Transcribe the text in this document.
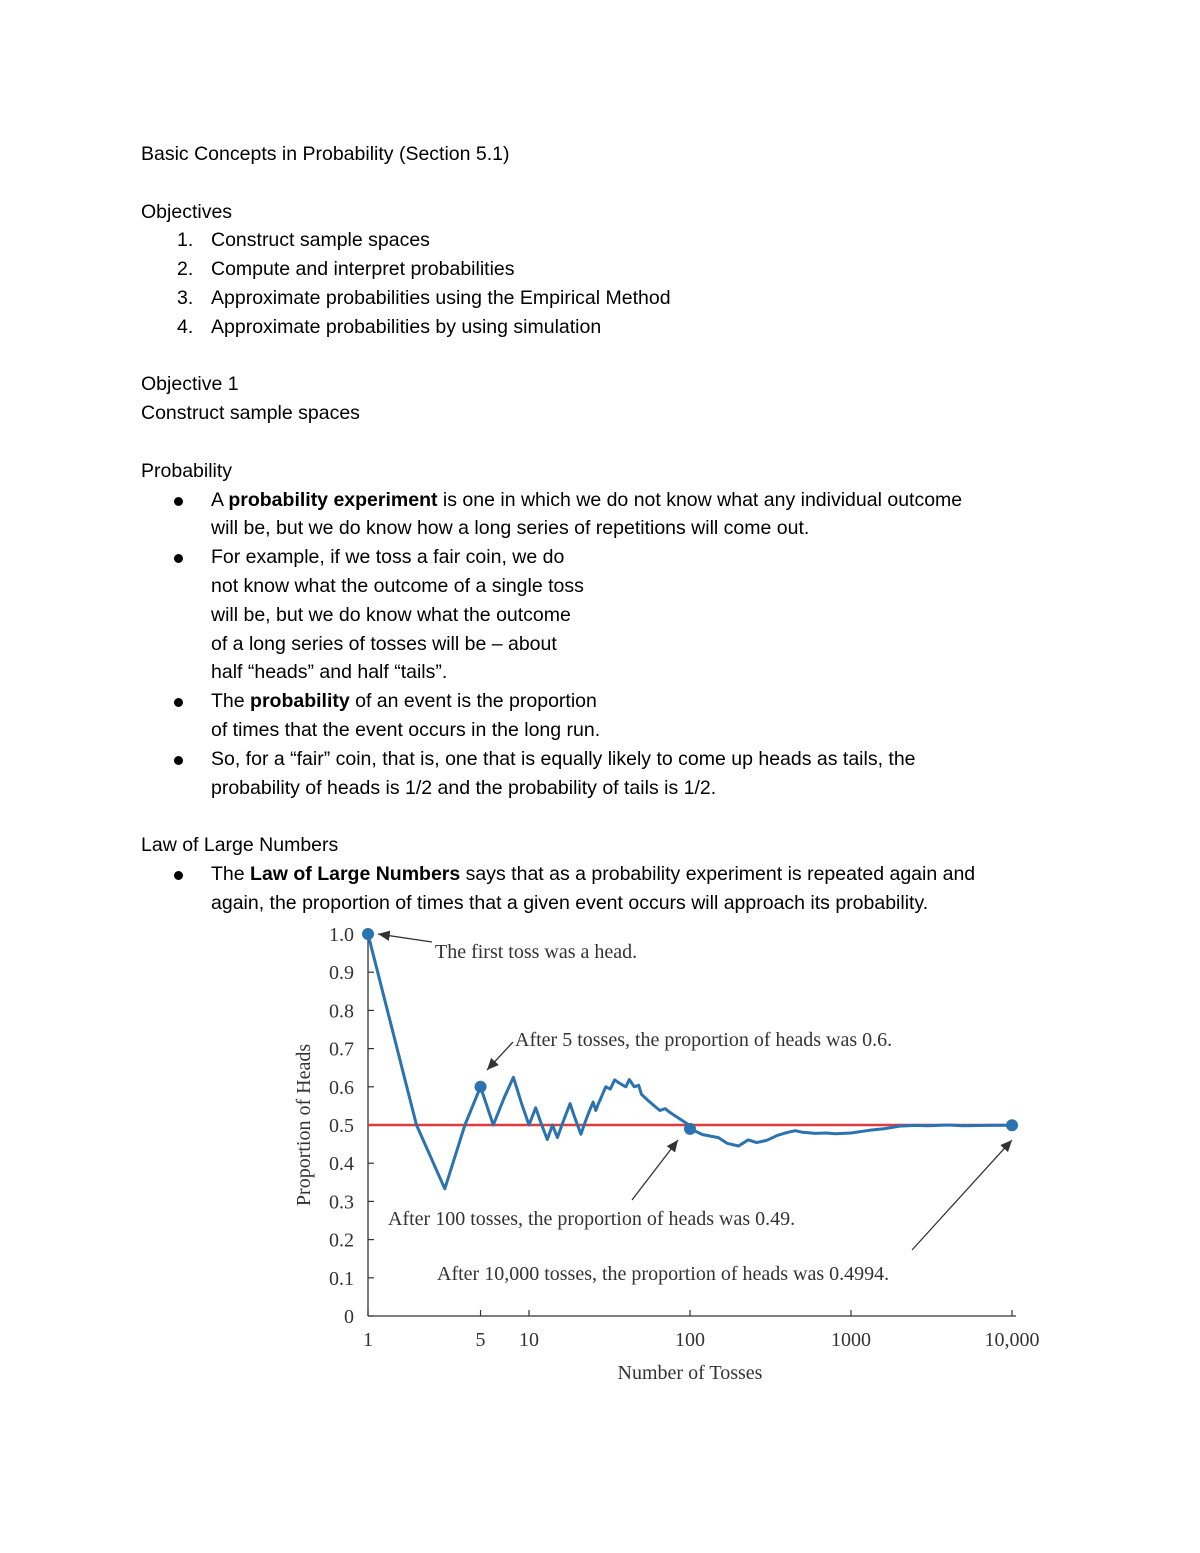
Basic Concepts in Probability (Section 5.1)

Objectives

1. Construct sample spaces
2. Compute and interpret probabilities
3. Approximate probabilities using the Empirical Method
4. Approximate probabilities by using simulation

Objective 1

Construct sample spaces

Probability

A probability experiment is one in which we do not know what any individual outcome
will be, but we do know how a long series of repetitions will come out.
For example, if we toss a fair coin, we do
not know what the outcome of a single toss
will be, but we do know what the outcome
of a long series of tosses will be – about
half “heads” and half “tails”.
The probability of an event is the proportion
of times that the event occurs in the long run.
So, for a “fair” coin, that is, one that is equally likely to come up heads as tails, the
probability of heads is 1/2 and the probability of tails is 1/2.

Law of Large Numbers

The Law of Large Numbers says that as a probability experiment is repeated again and
again, the proportion of times that a given event occurs will approach its probability.
0
0.1
0.2
0.3
0.4
0.5
0.6
0.7
0.8
0.9
1.0
1	5 10	100	1000	10,000
Number of Tosses
Proportion of Heads
The first toss was a head.
After 5 tosses, the proportion of heads was 0.6.
After 100 tosses, the proportion of heads was 0.49.
After 10,000 tosses, the proportion of heads was 0.4994.
